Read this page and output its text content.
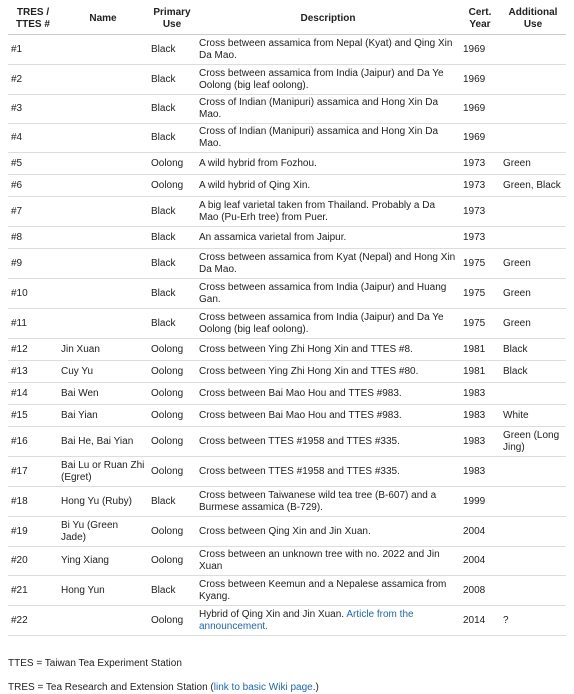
TRES / TTES #	Name	Primary Use	Description	Cert. Year	Additional Use
#1		Black	Cross between assamica from Nepal (Kyat) and Qing Xin Da Mao.	1969	
#2		Black	Cross between assamica from India (Jaipur) and Da Ye Oolong (big leaf oolong).	1969	
#3		Black	Cross of Indian (Manipuri) assamica and Hong Xin Da Mao.	1969	
#4		Black	Cross of Indian (Manipuri) assamica and Hong Xin Da Mao.	1969	
#5		Oolong	A wild hybrid from Fozhou.	1973	Green
#6		Oolong	A wild hybrid of Qing Xin.	1973	Green, Black
#7		Black	A big leaf varietal taken from Thailand. Probably a Da Mao (Pu-Erh tree) from Puer.	1973	
#8		Black	An assamica varietal from Jaipur.	1973	
#9		Black	Cross between assamica from Kyat (Nepal) and Hong Xin Da Mao.	1975	Green
#10		Black	Cross between assamica from India (Jaipur) and Huang Gan.	1975	Green
#11		Black	Cross between assamica from India (Jaipur) and Da Ye Oolong (big leaf oolong).	1975	Green
#12	Jin Xuan	Oolong	Cross between Ying Zhi Hong Xin and TTES #8.	1981	Black
#13	Cuy Yu	Oolong	Cross between Ying Zhi Hong Xin and TTES #80.	1981	Black
#14	Bai Wen	Oolong	Cross between Bai Mao Hou and TTES #983.	1983	
#15	Bai Yian	Oolong	Cross between Bai Mao Hou and TTES #983.	1983	White
#16	Bai He, Bai Yian	Oolong	Cross between TTES #1958 and TTES #335.	1983	Green (Long Jing)
#17	Bai Lu or Ruan Zhi (Egret)	Oolong	Cross between TTES #1958 and TTES #335.	1983	
#18	Hong Yu (Ruby)	Black	Cross between Taiwanese wild tea tree (B-607) and a Burmese assamica (B-729).	1999	
#19	Bi Yu (Green Jade)	Oolong	Cross between Qing Xin and Jin Xuan.	2004	
#20	Ying Xiang	Oolong	Cross between an unknown tree with no. 2022 and Jin Xuan	2004	
#21	Hong Yun	Black	Cross between Keemun and a Nepalese assamica from Kyang.	2008	
#22		Oolong	Hybrid of Qing Xin and Jin Xuan. Article from the announcement.	2014	?

TTES = Taiwan Tea Experiment Station

TRES = Tea Research and Extension Station (link to basic Wiki page.)
